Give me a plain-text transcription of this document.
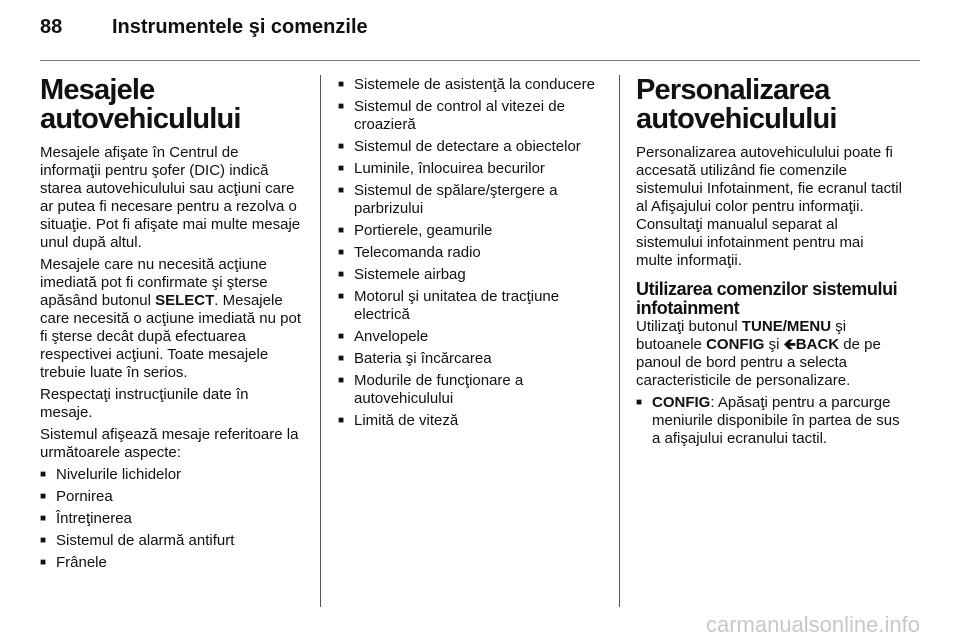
88 Instrumentele şi comenzile
Mesajele autovehiculului

Mesajele afişate în Centrul de informaţii pentru şofer (DIC) indică starea autovehiculului sau acţiuni care ar putea fi necesare pentru a rezolva o situaţie. Pot fi afişate mai multe mesaje unul după altul.

Mesajele care nu necesită acţiune imediată pot fi confirmate şi şterse apăsând butonul SELECT. Mesajele care necesită o acţiune imediată nu pot fi şterse decât după efectuarea respectivei acţiuni. Toate mesajele trebuie luate în serios.

Respectaţi instrucţiunile date în mesaje.

Sistemul afişează mesaje referitoare la următoarele aspecte:

■ Nivelurile lichidelor
■ Pornirea
■ Întreţinerea
■ Sistemul de alarmă antifurt
■ Frânele
■ Sistemele de asistenţă la conducere
■ Sistemul de control al vitezei de croazieră
■ Sistemul de detectare a obiectelor
■ Luminile, înlocuirea becurilor
■ Sistemul de spălare/ştergere a parbrizului
■ Portierele, geamurile
■ Telecomanda radio
■ Sistemele airbag
■ Motorul şi unitatea de tracţiune electrică
■ Anvelopele
■ Bateria şi încărcarea
■ Modurile de funcţionare a autovehiculului
■ Limită de viteză
Personalizarea autovehiculului

Personalizarea autovehiculului poate fi accesată utilizând fie comenzile sistemului Infotainment, fie ecranul tactil al Afişajului color pentru informaţii. Consultaţi manualul separat al sistemului infotainment pentru mai multe informaţii.

Utilizarea comenzilor sistemului infotainment

Utilizaţi butonul TUNE/MENU şi butoanele CONFIG şi 🡸BACK de pe panoul de bord pentru a selecta caracteristicile de personalizare.

■ CONFIG: Apăsaţi pentru a parcurge meniurile disponibile în partea de sus a afişajului ecranului tactil.
carmanualsonline.info
